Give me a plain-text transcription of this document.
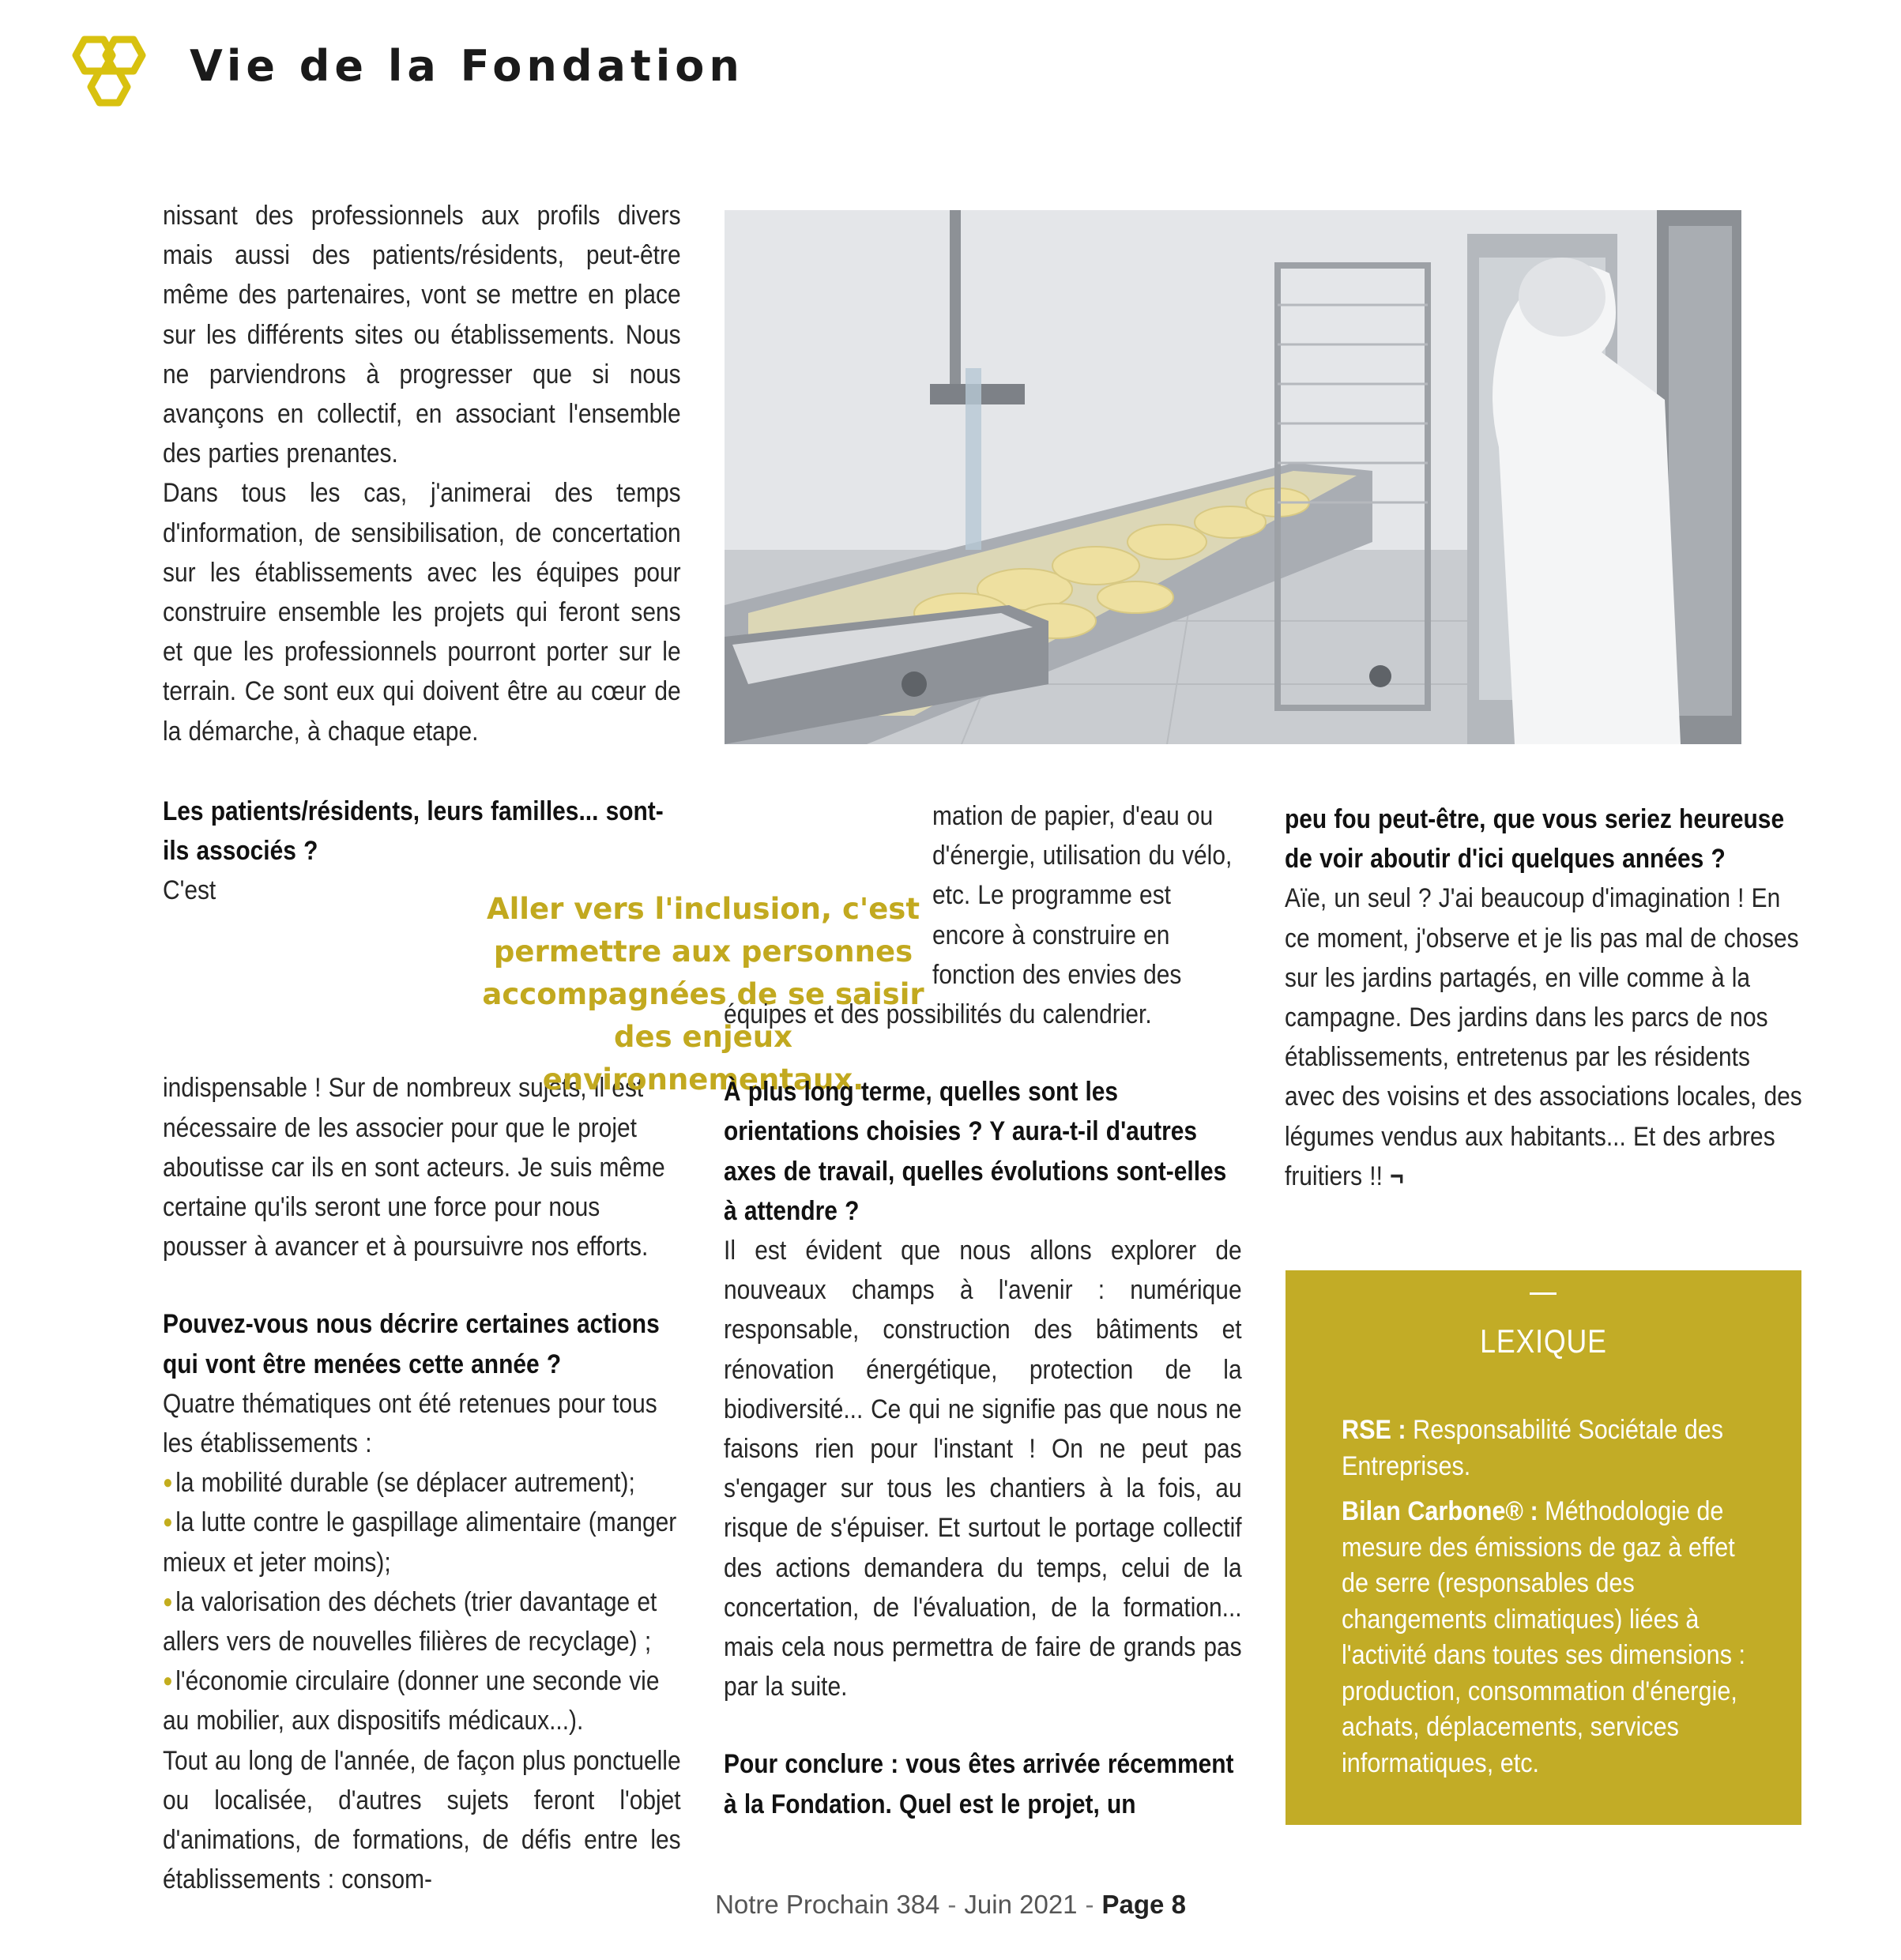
Vie de la Fondation

nissant des professionnels aux profils divers mais aussi des patients/résidents, peut-être même des partenaires, vont se mettre en place sur les différents sites ou établissements. Nous ne parviendrons à progresser que si nous avançons en collectif, en associant l'ensemble des parties prenantes.

Dans tous les cas, j'animerai des temps d'information, de sensibilisation, de concertation sur les établissements avec les équipes pour construire ensemble les projets qui feront sens et que les professionnels pourront porter sur le terrain. Ce sont eux qui doivent être au cœur de la démarche, à chaque etape.

Les patients/résidents, leurs familles... sont-ils associés ?

C'est indispensable ! Sur de nombreux sujets, il est nécessaire de les associer pour que le projet aboutisse car ils en sont acteurs. Je suis même certaine qu'ils seront une force pour nous pousser à avancer et à poursuivre nos efforts.

Pouvez-vous nous décrire certaines actions qui vont être menées cette année ?

Quatre thématiques ont été retenues pour tous les établissements :

● la mobilité durable (se déplacer autrement);

● la lutte contre le gaspillage alimentaire (manger mieux et jeter moins);

● la valorisation des déchets (trier davantage et allers vers de nouvelles filières de recyclage) ;

● l'économie circulaire (donner une seconde vie au mobilier, aux dispositifs médicaux...).

Tout au long de l'année, de façon plus ponctuelle ou localisée, d'autres sujets feront l'objet d'animations, de formations, de défis entre les établissements : consom-

Aller vers l'inclusion, c'est permettre aux personnes accompagnées de se saisir des enjeux environnementaux.

mation de papier, d'eau ou d'énergie, utilisation du vélo, etc. Le programme est encore à construire en fonction des envies des équipes et des possibilités du calendrier.

À plus long terme, quelles sont les orientations choisies ? Y aura-t-il d'autres axes de travail, quelles évolutions sont-elles à attendre ?

Il est évident que nous allons explorer de nouveaux champs à l'avenir : numérique responsable, construction des bâtiments et rénovation énergétique, protection de la biodiversité... Ce qui ne signifie pas que nous ne faisons rien pour l'instant ! On ne peut pas s'engager sur tous les chantiers à la fois, au risque de s'épuiser. Et surtout le portage collectif des actions demandera du temps, celui de la concertation, de l'évaluation, de la formation... mais cela nous permettra de faire de grands pas par la suite.

Pour conclure : vous êtes arrivée récemment à la Fondation. Quel est le projet, un
peu fou peut-être, que vous seriez heureuse de voir aboutir d'ici quelques années ?

Aïe, un seul ? J'ai beaucoup d'imagination ! En ce moment, j'observe et je lis pas mal de choses sur les jardins partagés, en ville comme à la campagne. Des jardins dans les parcs de nos établissements, entretenus par les résidents avec des voisins et des associations locales, des légumes vendus aux habitants... Et des arbres fruitiers !! ¬

LEXIQUE

RSE : Responsabilité Sociétale des Entreprises.

Bilan Carbone® : Méthodologie de mesure des émissions de gaz à effet de serre (responsables des changements climatiques) liées à l'activité dans toutes ses dimensions : production, consommation d'énergie, achats, déplacements, services informatiques, etc.

Notre Prochain 384 - Juin 2021 - Page 8
